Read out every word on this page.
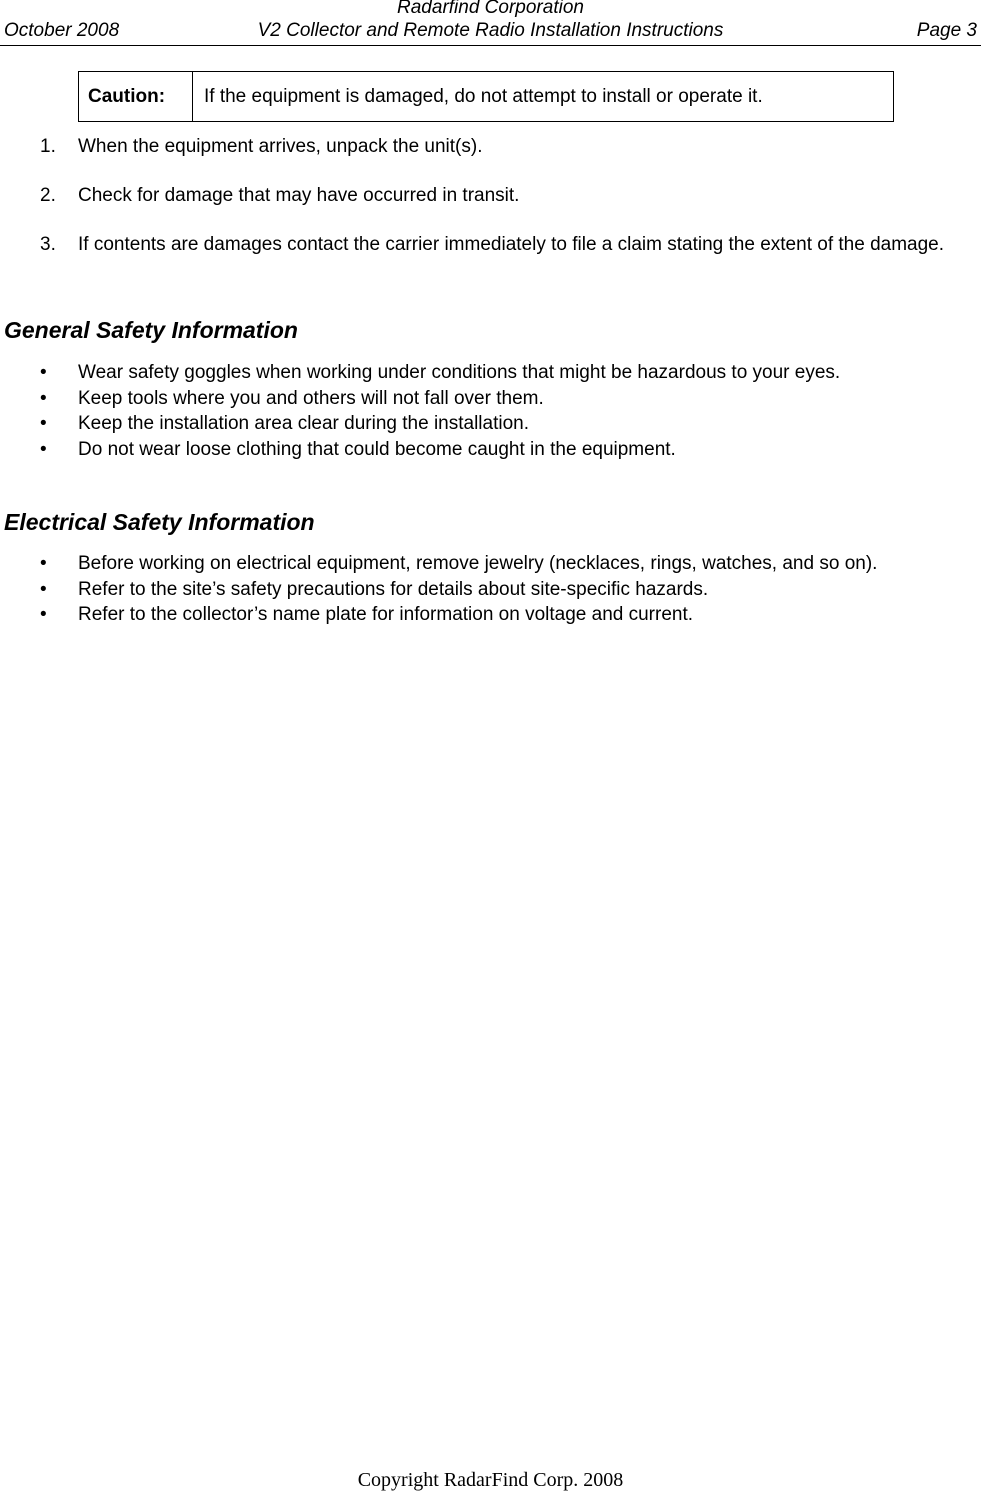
Radarfind Corporation
V2 Collector and Remote Radio Installation Instructions
October 2008	Page 3
Caution:	If the equipment is damaged, do not attempt to install or operate it.
1. When the equipment arrives, unpack the unit(s).
2. Check for damage that may have occurred in transit.
3. If contents are damages contact the carrier immediately to file a claim stating the extent of the damage.
General Safety Information
• Wear safety goggles when working under conditions that might be hazardous to your eyes.
• Keep tools where you and others will not fall over them.
• Keep the installation area clear during the installation.
• Do not wear loose clothing that could become caught in the equipment.
Electrical Safety Information
• Before working on electrical equipment, remove jewelry (necklaces, rings, watches, and so on).
• Refer to the site’s safety precautions for details about site-specific hazards.
• Refer to the collector’s name plate for information on voltage and current.
Copyright RadarFind Corp. 2008
